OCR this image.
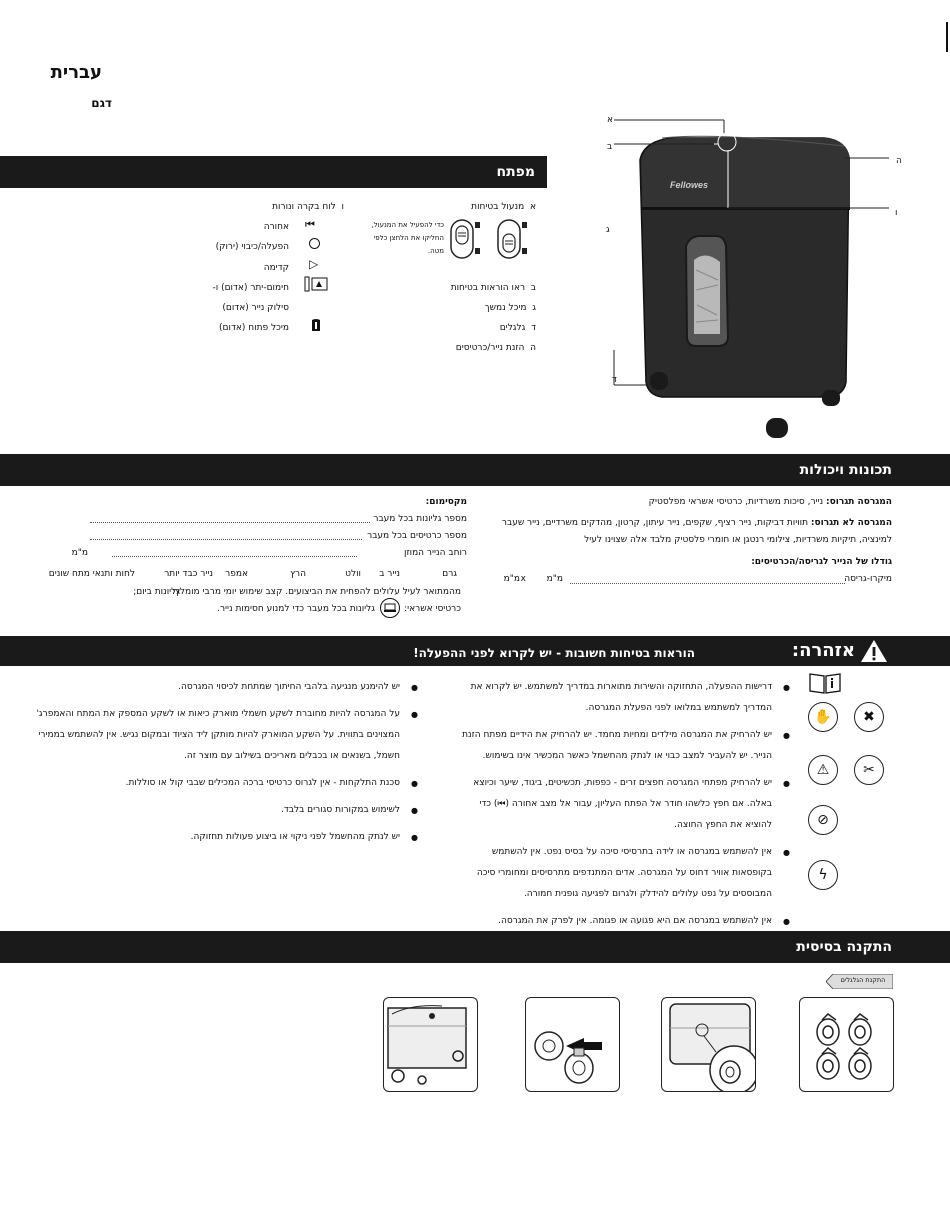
עברית
דגם
מפתח
א  מנעול בטיחות
ב  ראו הוראות בטיחות
ג  מיכל נמשך
ד  גלגלים
ה  הזנת נייר/כרטיסים
כדי להפעיל את המנעול, החליקו את הלחצן כלפי מטה.
ו  לוח בקרה ונורות
⏮
אחורה
הפעלה/כיבוי (ירוק)
▷
קדימה
חימום-יתר (אדום) ו-
סילוק נייר (אדום)
מיכל פתוח (אדום)
Fellowes
א
ב
ג
ד
ה
ו
תכונות ויכולות
המגרסה תגרוס: נייר, סיכות משרדיות, כרטיסי אשראי מפלסטיק
המגרסה לא תגרוס: תוויות דביקות, נייר רציף, שקפים, נייר עיתון, קרטון, מהדקים משרדיים, נייר שעבר
למינציה, תיקיות משרדיות, צילומי רנטגן או חומרי פלסטיק מלבד אלה שצוינו לעיל
גודלו של הנייר לגריסה/הכרטיסים:
מיקרו-גריסה
מ"מ
x
מ"מ
מקסימום:
מספר גליונות בכל מעבר
מספר כרטיסים בכל מעבר
רוחב הנייר המוזן
מ"מ
גרם
נייר ב
וולט
הרץ
אמפר
נייר כבד יותר
לחות ותנאי מתח שונים
מהמתואר לעיל עלולים להפחית את הביצועים. קצב שימוש יומי מרבי מומלץ:
גליונות ביום;
כרטיסי אשראי:
גליונות בכל מעבר כדי למנוע חסימות נייר.
אזהרה:
הוראות בטיחות חשובות - יש לקרוא לפני ההפעלה!
✖
✋
✂
⚠
⊘
ϟ
● דרישות ההפעלה, התחזוקה והשירות מתוארות במדריך למשתמש. יש לקרוא את
המדריך למשתמש במלואו לפני הפעלת המגרסה.
● יש להרחיק את המגרסה מילדים ומחיות מחמד. יש להרחיק את הידיים מפתח הזנת
הנייר. יש להעביר למצב כבוי או לנתק מהחשמל כאשר המכשיר אינו בשימוש.
● יש להרחיק מפתחי המגרסה חפצים זרים - כפפות, תכשיטים, ביגוד, שיער וכיוצא
באלה. אם חפץ כלשהו חודר אל הפתח העליון, עבור אל מצב אחורה (⏮) כדי
להוציא את החפץ החוצה.
● אין להשתמש במגרסה או לידה בתרסיסי סיכה על בסיס נפט. אין להשתמש
בקופסאות אוויר דחוס על המגרסה. אדים המתנדפים מתרסיסים ומחומרי סיכה
המבוססים על נפט עלולים להידלק ולגרום לפגיעה גופנית חמורה.
● אין להשתמש במגרסה אם היא פגועה או פגומה. אין לפרק את המגרסה.
● יש להימנע מנגיעה בלהבי החיתוך שמתחת לכיסוי המגרסה.
● על המגרסה להיות מחוברת לשקע חשמלי מוארק כיאות או לשקע המספק את המתח והאמפרג'
המצוינים בתווית. על השקע המוארק להיות מותקן ליד הציוד ובמקום נגיש. אין להשתמש בממירי
חשמל, בשנאים או בכבלים מאריכים בשילוב עם מוצר זה.
● סכנת התלקחות - אין לגרוס כרטיסי ברכה המכילים שבבי קול או סוללות.
● לשימוש במקורות סגורים בלבד.
● יש לנתק מהחשמל לפני ניקוי או ביצוע פעולות תחזוקה.
התקנה בסיסית
התקנת הגלגלים
